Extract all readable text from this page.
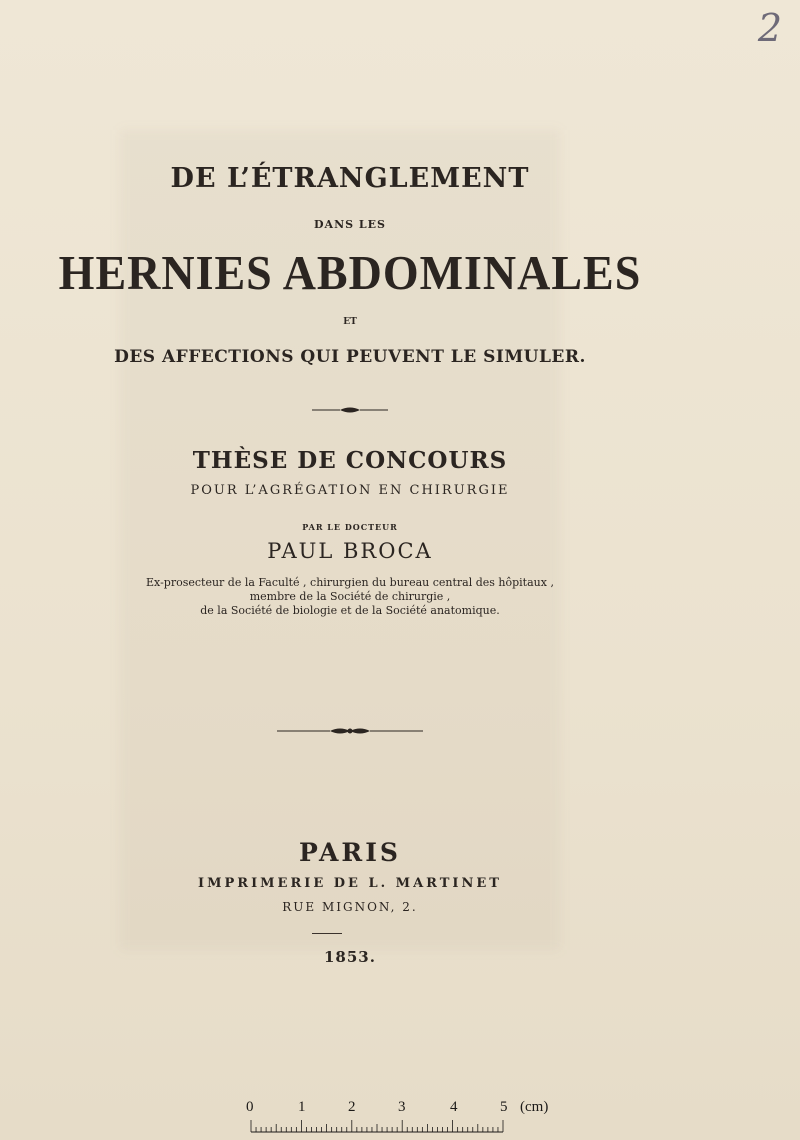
2
DE L’ÉTRANGLEMENT
DANS LES
HERNIES ABDOMINALES
ET
DES AFFECTIONS QUI PEUVENT LE SIMULER.
THÈSE DE CONCOURS
POUR L’AGRÉGATION EN CHIRURGIE
PAR LE DOCTEUR
PAUL BROCA
Ex-prosecteur de la Faculté , chirurgien du bureau central des hôpitaux ,
membre de la Société de chirurgie ,
de la Société de biologie et de la Société anatomique.
PARIS
IMPRIMERIE DE L. MARTINET
RUE MIGNON, 2.
1853.
0	1	2	3	4	5 (cm)
